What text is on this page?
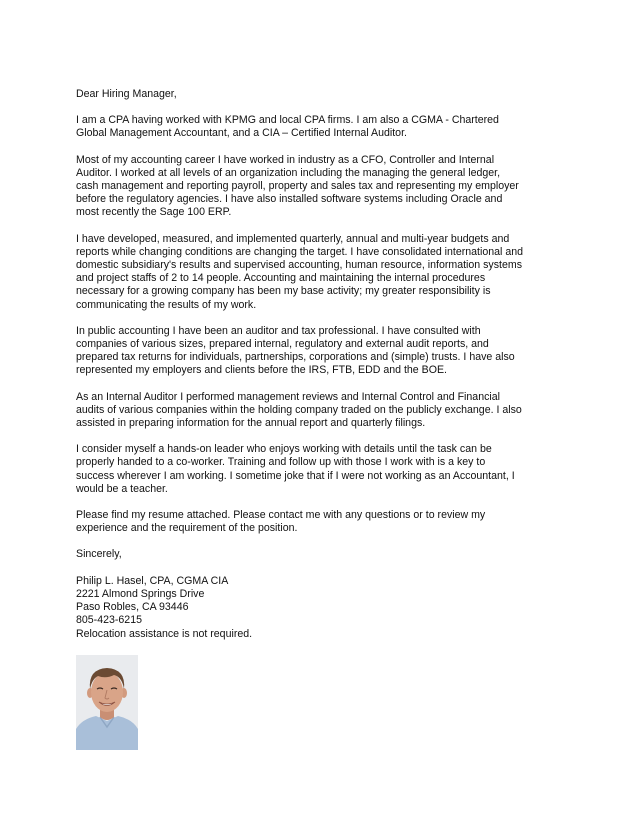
Dear Hiring Manager,

I am a CPA having worked with KPMG and local CPA firms. I am also a CGMA - Chartered
Global Management Accountant, and a CIA – Certified Internal Auditor.

Most of my accounting career I have worked in industry as a CFO, Controller and Internal
Auditor. I worked at all levels of an organization including the managing the general ledger,
cash management and reporting payroll, property and sales tax and representing my employer
before the regulatory agencies. I have also installed software systems including Oracle and
most recently the Sage 100 ERP.

I have developed, measured, and implemented quarterly, annual and multi-year budgets and
reports while changing conditions are changing the target. I have consolidated international and
domestic subsidiary's results and supervised accounting, human resource, information systems
and project staffs of 2 to 14 people. Accounting and maintaining the internal procedures
necessary for a growing company has been my base activity; my greater responsibility is
communicating the results of my work.

In public accounting I have been an auditor and tax professional. I have consulted with
companies of various sizes, prepared internal, regulatory and external audit reports, and
prepared tax returns for individuals, partnerships, corporations and (simple) trusts. I have also
represented my employers and clients before the IRS, FTB, EDD and the BOE.

As an Internal Auditor I performed management reviews and Internal Control and Financial
audits of various companies within the holding company traded on the publicly exchange. I also
assisted in preparing information for the annual report and quarterly filings.

I consider myself a hands-on leader who enjoys working with details until the task can be
properly handed to a co-worker. Training and follow up with those I work with is a key to
success wherever I am working. I sometime joke that if I were not working as an Accountant, I
would be a teacher.

Please find my resume attached. Please contact me with any questions or to review my
experience and the requirement of the position.

Sincerely,

Philip L. Hasel, CPA, CGMA CIA

2221 Almond Springs Drive

Paso Robles, CA 93446

805-423-6215

Relocation assistance is not required.
